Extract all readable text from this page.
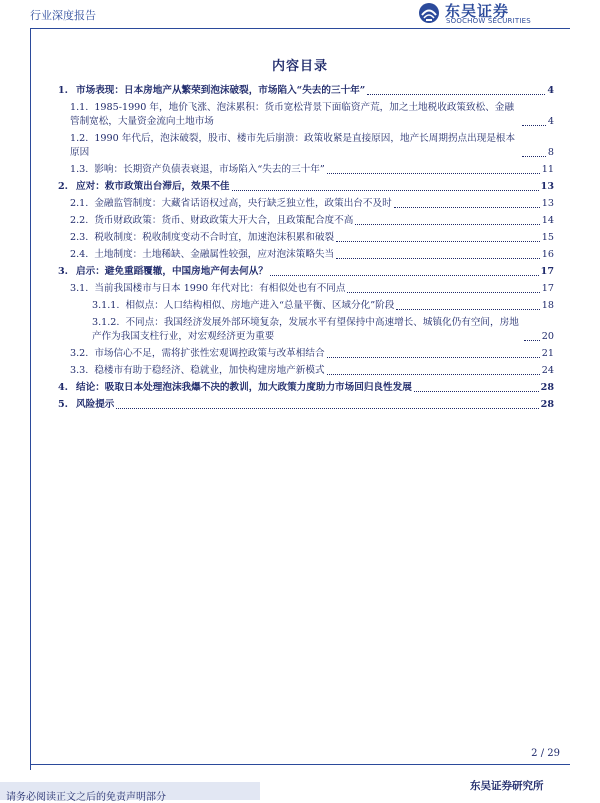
行业深度报告	东吴证券
SOOCHOW SECURITIES
内容目录
1. 市场表现：日本房地产从繁荣到泡沫破裂，市场陷入“失去的三十年”	4
1.1. 1985-1990 年，地价飞涨、泡沫累积：货币宽松背景下面临资产荒，加之土地税收政策致松、金融管制宽松，大量资金流向土地市场	4
1.2. 1990 年代后，泡沫破裂，股市、楼市先后崩溃：政策收紧是直接原因，地产长周期拐点出现是根本原因	8
1.3. 影响：长期资产负债表衰退，市场陷入“失去的三十年”	11
2. 应对：救市政策出台滞后，效果不佳	13
2.1. 金融监管制度：大藏省话语权过高，央行缺乏独立性，政策出台不及时	13
2.2. 货币财政政策：货币、财政政策大开大合，且政策配合度不高	14
2.3. 税收制度：税收制度变动不合时宜，加速泡沫积累和破裂	15
2.4. 土地制度：土地稀缺、金融属性较强，应对泡沫策略失当	16
3. 启示：避免重蹈覆辙，中国房地产何去何从？	17
3.1. 当前我国楼市与日本 1990 年代对比：有相似处也有不同点	17
3.1.1. 相似点：人口结构相似、房地产进入“总量平衡、区域分化”阶段	18
3.1.2. 不同点：我国经济发展外部环境复杂，发展水平有望保持中高速增长、城镇化仍有空间，房地产作为我国支柱行业，对宏观经济更为重要	20
3.2. 市场信心不足，需将扩张性宏观调控政策与改革相结合	21
3.3. 稳楼市有助于稳经济、稳就业，加快构建房地产新模式	24
4. 结论：吸取日本处理泡沫我爆不决的教训，加大政策力度助力市场回归良性发展	28
5. 风险提示	28
2 / 29
请务必阅读正文之后的免责声明部分
东吴证券研究所
